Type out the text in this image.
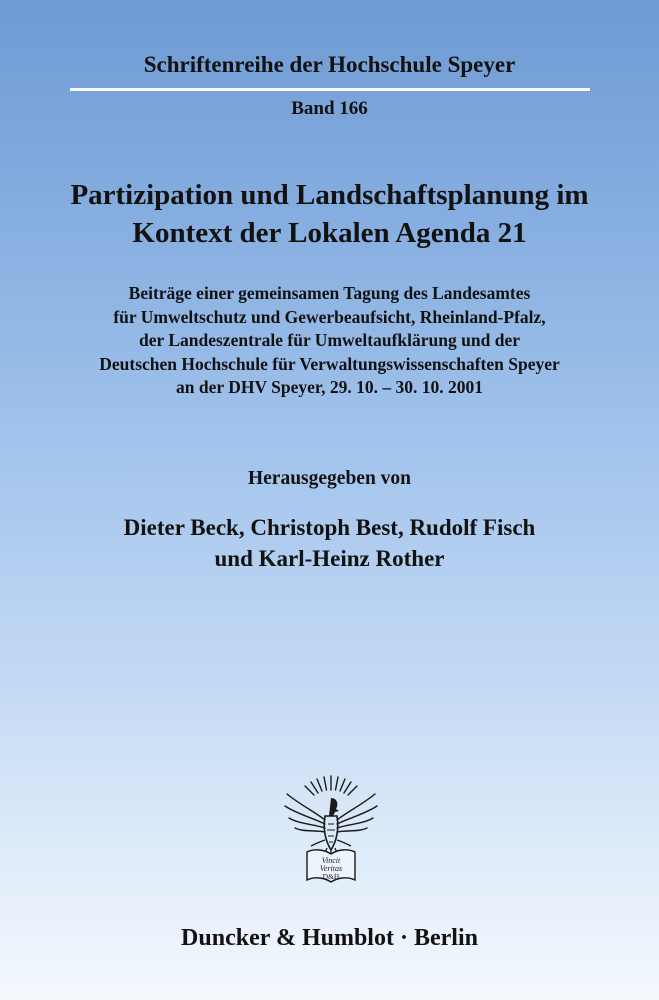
Schriftenreihe der Hochschule Speyer
Band 166
Partizipation und Landschaftsplanung im
Kontext der Lokalen Agenda 21
Beiträge einer gemeinsamen Tagung des Landesamtes
für Umweltschutz und Gewerbeaufsicht, Rheinland-Pfalz,
der Landeszentrale für Umweltaufklärung und der
Deutschen Hochschule für Verwaltungswissenschaften Speyer
an der DHV Speyer, 29. 10. – 30. 10. 2001
Herausgegeben von
Dieter Beck, Christoph Best, Rudolf Fisch
und Karl-Heinz Rother
Vincit
Veritas
D&H
Duncker & Humblot · Berlin
